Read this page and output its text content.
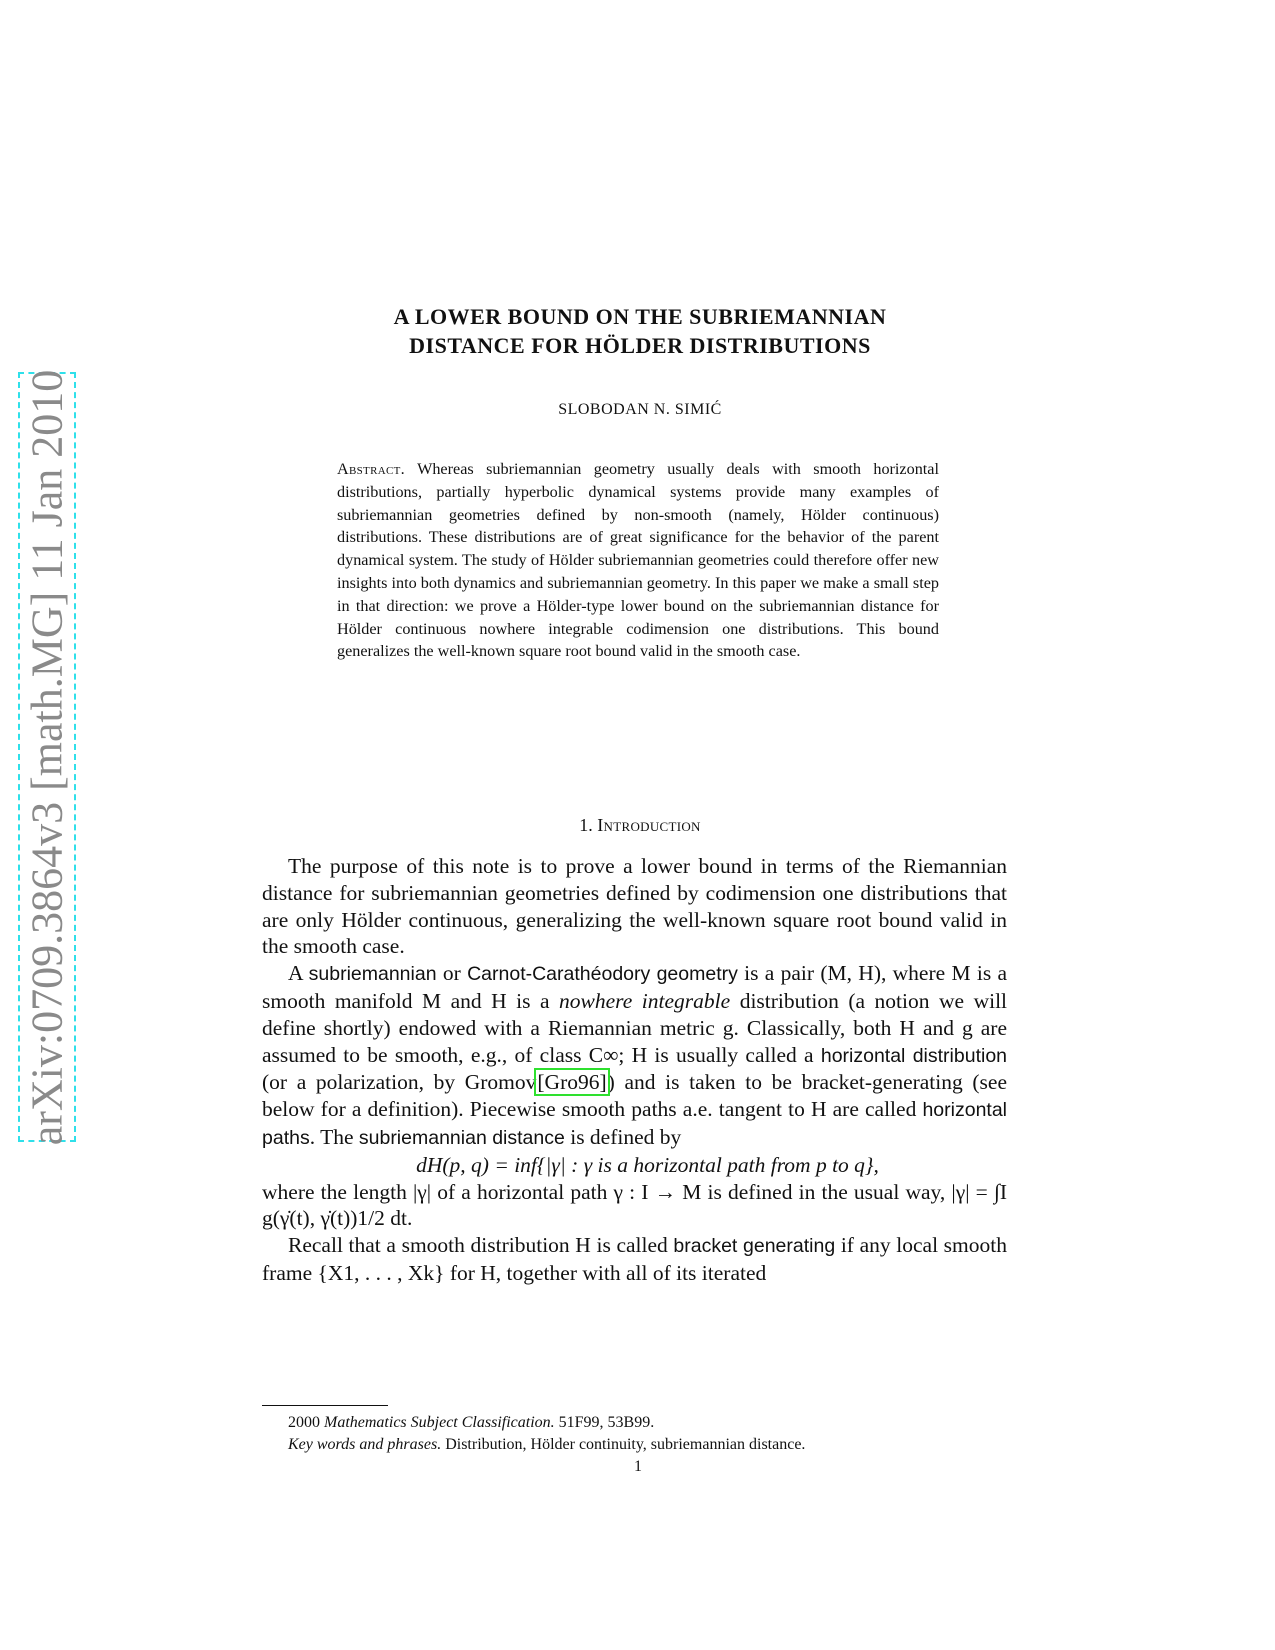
arXiv:0709.3864v3 [math.MG] 11 Jan 2010
A LOWER BOUND ON THE SUBRIEMANNIAN
DISTANCE FOR HÖLDER DISTRIBUTIONS
SLOBODAN N. SIMIĆ
Abstract. Whereas subriemannian geometry usually deals with smooth horizontal distributions, partially hyperbolic dynamical systems provide many examples of subriemannian geometries defined by non-smooth (namely, Hölder continuous) distributions. These distributions are of great significance for the behavior of the parent dynamical system. The study of Hölder subriemannian geometries could therefore offer new insights into both dynamics and subriemannian geometry. In this paper we make a small step in that direction: we prove a Hölder-type lower bound on the subriemannian distance for Hölder continuous nowhere integrable codimension one distributions. This bound generalizes the well-known square root bound valid in the smooth case.
1. Introduction

The purpose of this note is to prove a lower bound in terms of the Riemannian distance for subriemannian geometries defined by codimension one distributions that are only Hölder continuous, generalizing the well-known square root bound valid in the smooth case.

A subriemannian or Carnot-Carathéodory geometry is a pair (M, H), where M is a smooth manifold M and H is a nowhere integrable distribution (a notion we will define shortly) endowed with a Riemannian metric g. Classically, both H and g are assumed to be smooth, e.g., of class C∞; H is usually called a horizontal distribution (or a polarization, by Gromov[Gro96]) and is taken to be bracket-generating (see below for a definition). Piecewise smooth paths a.e. tangent to H are called horizontal paths. The subriemannian distance is defined by

dH(p, q) = inf{|γ| : γ is a horizontal path from p to q},

where the length |γ| of a horizontal path γ : I → M is defined in the usual way, |γ| = ∫I g(γ̇(t), γ̇(t))1/2 dt.

Recall that a smooth distribution H is called bracket generating if any local smooth frame {X1, . . . , Xk} for H, together with all of its iterated

2000 Mathematics Subject Classification. 51F99, 53B99.
Key words and phrases. Distribution, Hölder continuity, subriemannian distance.
1
